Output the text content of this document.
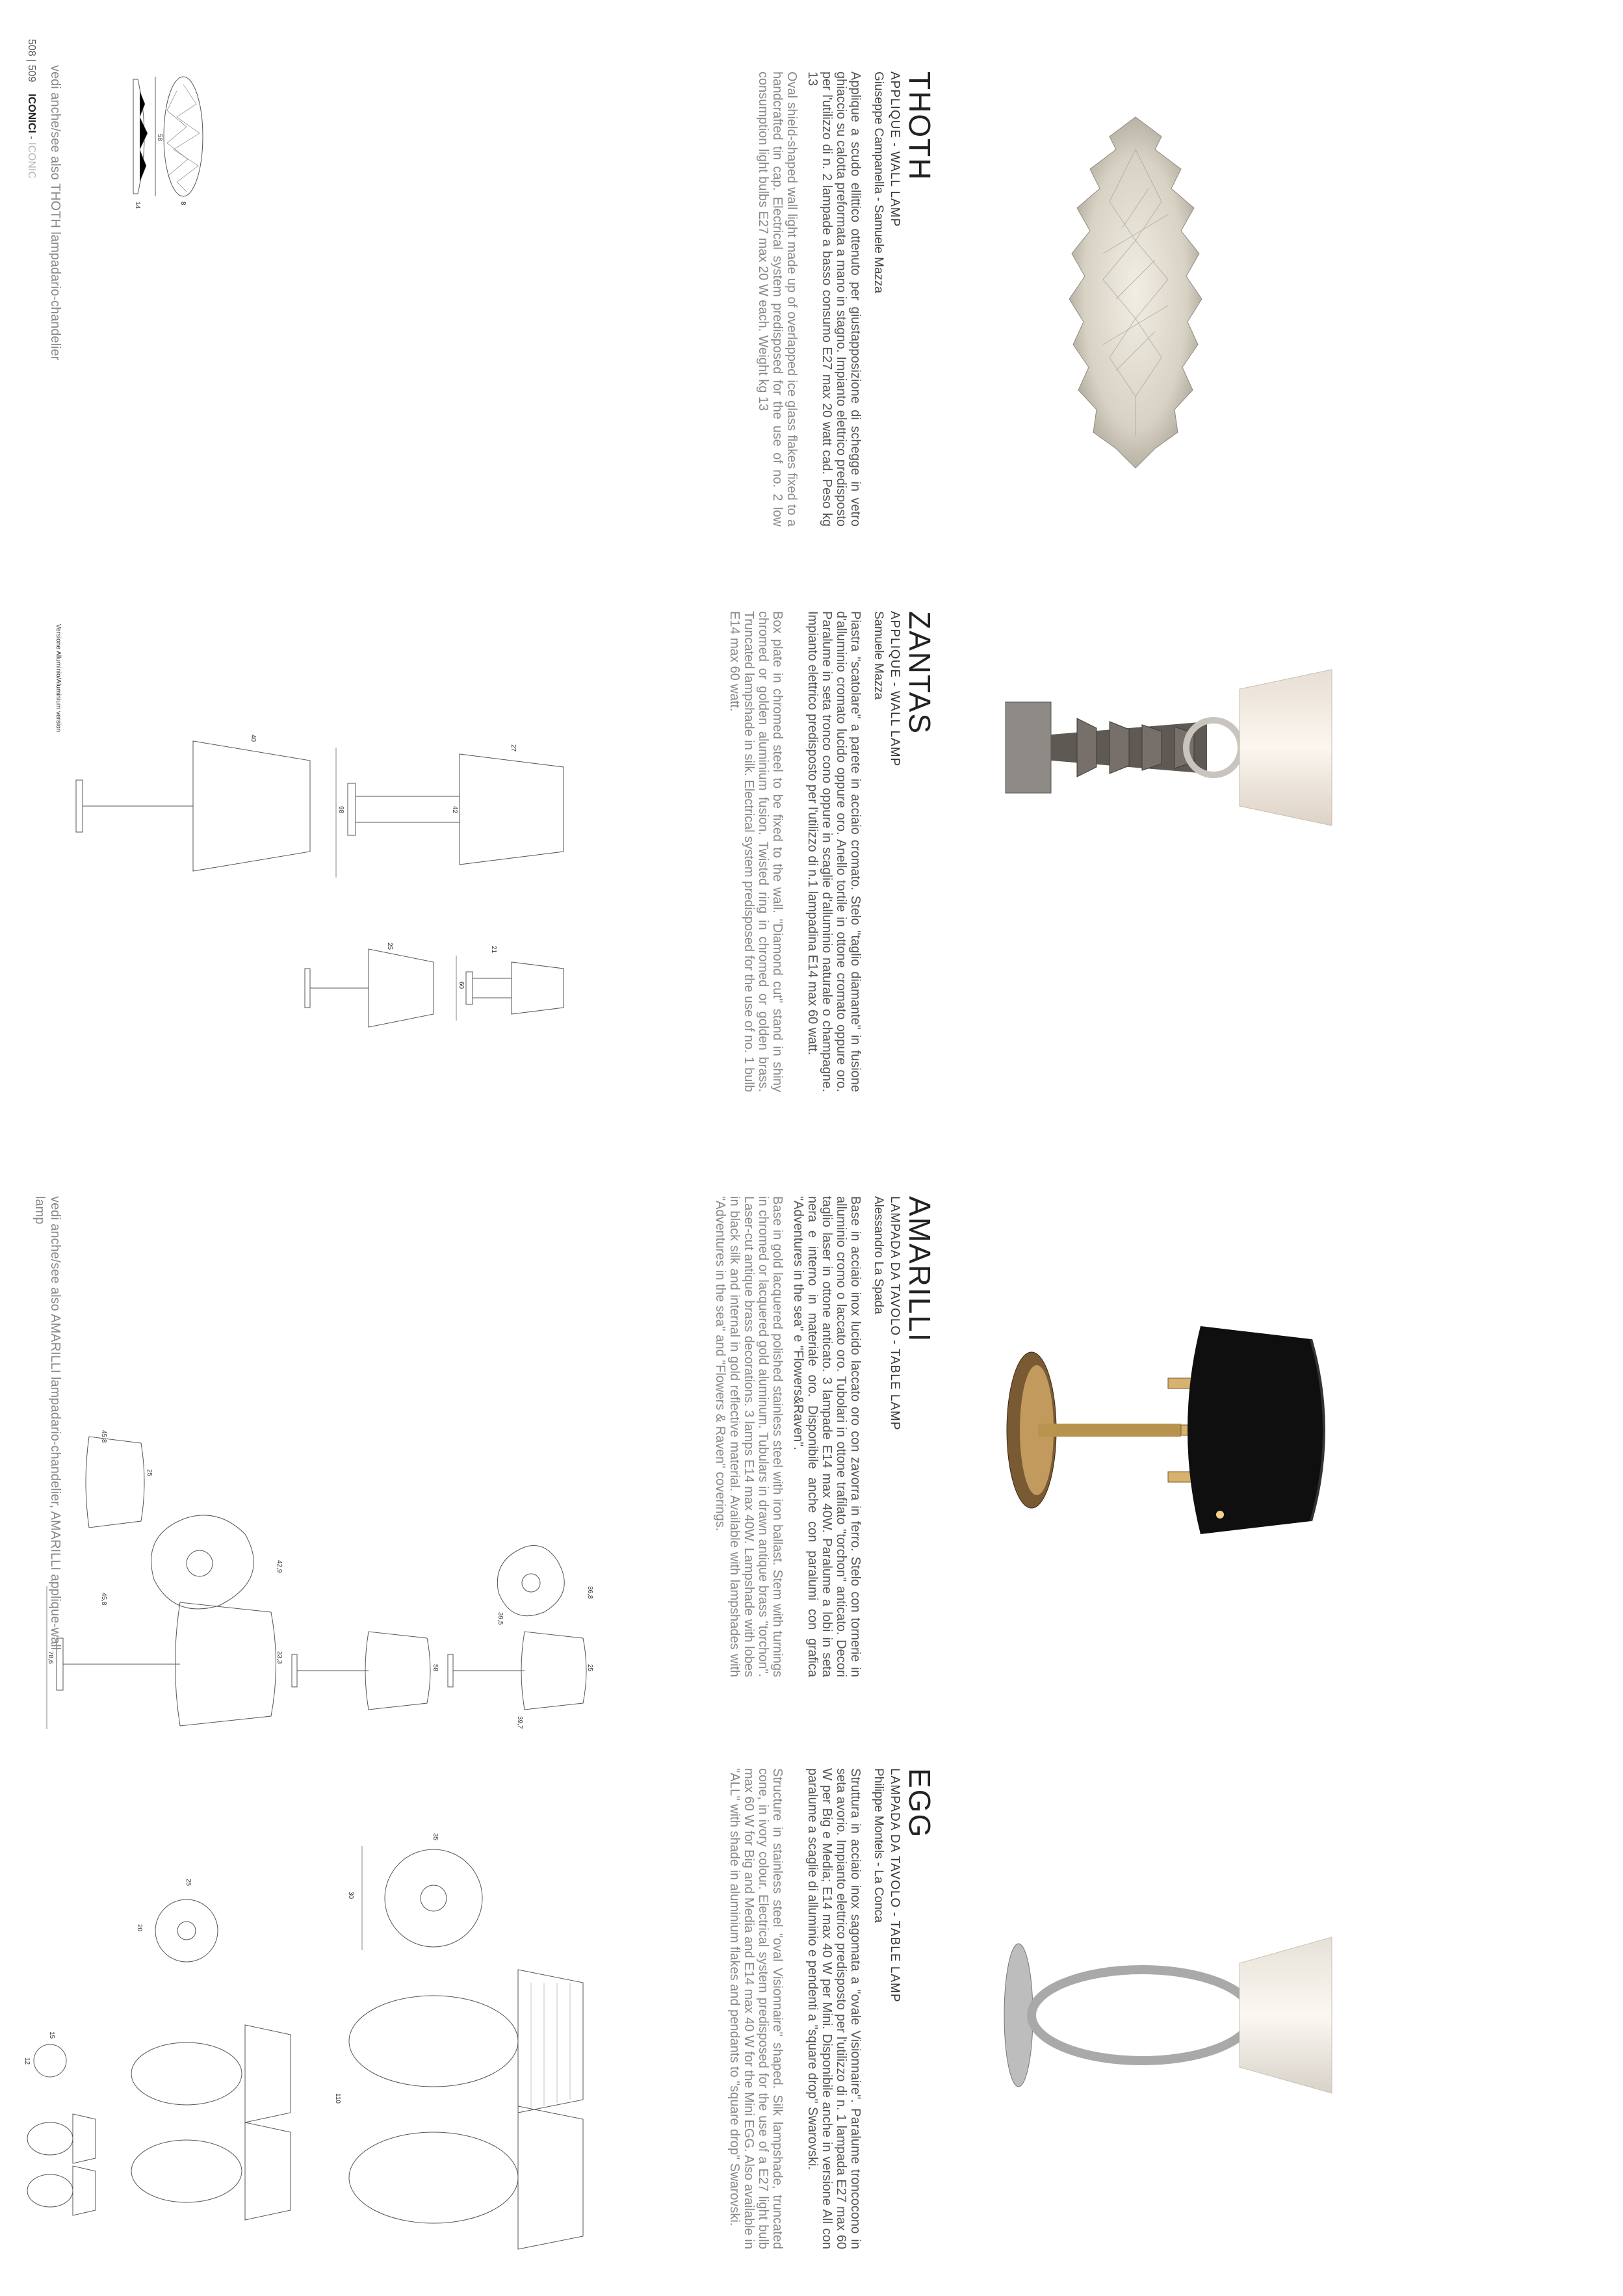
THOTH
APPLIQUE - WALL LAMP
Giuseppe Campanella - Samuele Mazza

Applique a scudo ellittico ottenuto per giustapposizione di schegge in vetro ghiaccio su calotta preformata a mano in stagno. Impianto elettrico predisposto per l'utilizzo di n. 2 lampade a basso consumo E27 max 20 watt cad. Peso kg 13

Oval shield-shaped wall light made up of overlapped ice glass flakes fixed to a handcrafted tin cap. Electrical system predisposed for the use of no. 2 low consumption light bulbs E27 max 20 W each. Weight kg 13

58
8
14
vedi anche/see also THOTH lampadario-chandelier
ZANTAS
APPLIQUE - WALL LAMP
Samuele Mazza

Piastra "scatolare" a parete in acciaio cromato. Stelo "taglio diamante" in fusione d'alluminio cromato lucido oppure oro. Anello tortile in ottone cromato oppure oro. Paralume in seta tronco cono oppure in scaglie d'alluminio naturale o champagne. Impianto elettrico predisposto per l'utilizzo di n.1 lampadina E14 max 60 watt.

Box plate in chromed steel to be fixed to the wall. "Diamond cut" stand in shiny chromed or golden aluminium fusion. Twisted ring in chromed or golden brass. Truncated lampshade in silk. Electrical system predisposed for the use of no. 1 bulb E14 max 60 watt.

60
21
25
98	42
27
40
Versione Alluminio/Aluminium version
AMARILLI
LAMPADA DA TAVOLO - TABLE LAMP
Alessandro La Spada

Base in acciaio inox lucido laccato oro con zavorra in ferro. Stelo con tornerie in alluminio cromo o laccato oro. Tubolari in ottone trafilato "torchon" anticato. Decori taglio laser in ottone anticato. 3 lampade E14 max 40W. Paralume a lobi in seta nera e interno in materiale oro. Disponibile anche con paralumi con grafica "Adventures in the sea" e "Flowers&Raven".

Base in gold lacquered polished stainless steel with iron ballast. Stem with turnings in chromed or lacquered gold aluminum. Tubulars in drawn antique brass "torchon". Laser-cut antique brass decorations. 3 lamps E14 max 40W. Lampshade with lobes in black silk and internal in gold reflective material. Available with lampshades with "Adventures in the sea" and "Flowers & Raven" coverings.

25
36,8
39,7
39,5
58
33,3
42,9
45,8
78,6
25
45,8
vedi anche/see also AMARILLI lampadario-chandelier, AMARILLI applique-wall lamp
EGG
LAMPADA DA TAVOLO - TABLE LAMP
Philippe Montels - La Conca

Struttura in acciaio inox sagomata a "ovale Visionnaire". Paralume troncocono in seta avorio. Impianto elettrico predisposto per l'utilizzo di n. 1 lampada E27 max 60 W per Big e Media; E14 max 40 W per Mini. Disponibile anche in versione All con paralume a scaglie di alluminio e pendenti a "square drop" Swarovski.

Structure in stainless steel "oval Visionnaire" shaped. Silk lampshade, truncated cone, in ivory colour. Electrical system predisposed for the use of a E27 light bulb max 60 W for Big and Media and E14 max 40 W for the Mini EGG. Also available in "ALL" with shade in aluminium flakes and pendants to "square drop" Swarovski.

110
35
30
25
20
15
12
508 | 509    ICONICI - ICONIC
